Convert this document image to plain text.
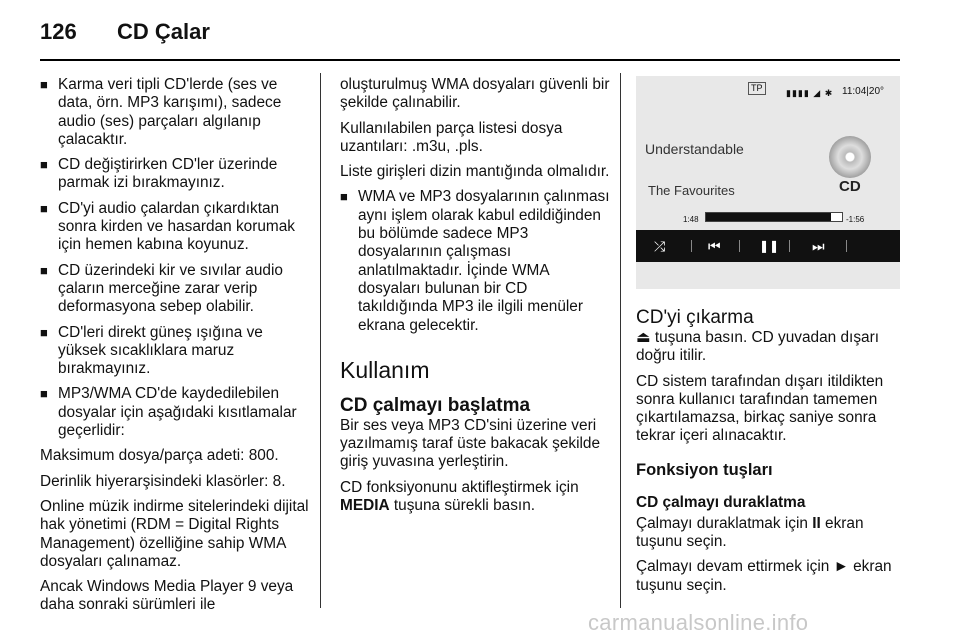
126 CD Çalar
■ Karma veri tipli CD'lerde (ses ve data, örn. MP3 karışımı), sadece audio (ses) parçaları algılanıp çalacaktır.
■ CD değiştirirken CD'ler üzerinde parmak izi bırakmayınız.
■ CD'yi audio çalardan çıkardıktan sonra kirden ve hasardan korumak için hemen kabına koyunuz.
■ CD üzerindeki kir ve sıvılar audio çaların merceğine zarar verip deformasyona sebep olabilir.
■ CD'leri direkt güneş ışığına ve yüksek sıcaklıklara maruz bırakmayınız.
■ MP3/WMA CD'de kaydedilebilen dosyalar için aşağıdaki kısıtlamalar geçerlidir:

Maksimum dosya/parça adeti: 800.

Derinlik hiyerarşisindeki klasörler: 8.

Online müzik indirme sitelerindeki dijital hak yönetimi (RDM = Digital Rights Management) özelliğine sahip WMA dosyaları çalınamaz.

Ancak Windows Media Player 9 veya daha sonraki sürümleri ile

oluşturulmuş WMA dosyaları güvenli bir şekilde çalınabilir.

Kullanılabilen parça listesi dosya uzantıları: .m3u, .pls.

Liste girişleri dizin mantığında olmalıdır.

■ WMA ve MP3 dosyalarının çalınması aynı işlem olarak kabul edildiğinden bu bölümde sadece MP3 dosyalarının çalışması anlatılmaktadır. İçinde WMA dosyaları bulunan bir CD takıldığında MP3 ile ilgili menüler ekrana gelecektir.
Kullanım
CD çalmayı başlatma

Bir ses veya MP3 CD'sini üzerine veri yazılmamış taraf üste bakacak şekilde giriş yuvasına yerleştirin.

CD fonksiyonunu aktifleştirmek için MEDIA tuşuna sürekli basın.

TP	▮▮▮▮ ◢ ✱ 11:04|20°
Understandable
The Favourites	CD
1:48	-1:56
⤮	⏮	❚❚ ⏭
CD'yi çıkarma

⏏ tuşuna basın. CD yuvadan dışarı doğru itilir.

CD sistem tarafından dışarı itildikten sonra kullanıcı tarafından tamemen çıkartılamazsa, birkaç saniye sonra tekrar içeri alınacaktır.

Fonksiyon tuşları
CD çalmayı duraklatma

Çalmayı duraklatmak için II ekran tuşunu seçin.

Çalmayı devam ettirmek için ► ekran tuşunu seçin.

carmanualsonline.info
